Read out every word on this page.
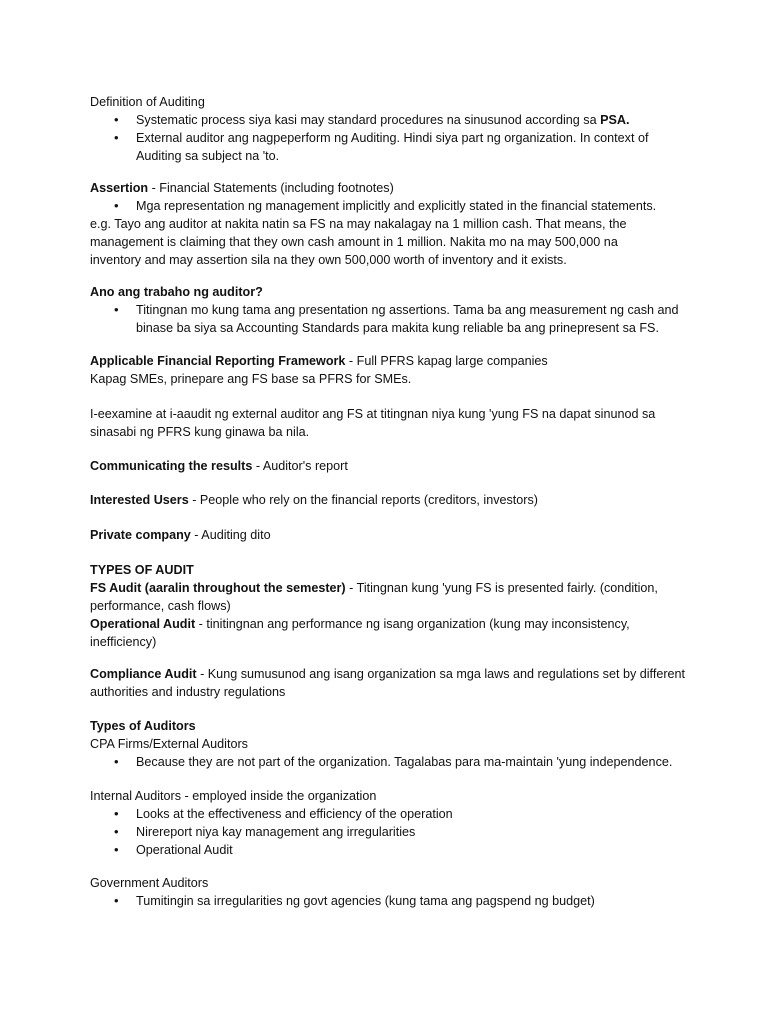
Definition of Auditing
• Systematic process siya kasi may standard procedures na sinusunod according sa PSA.
• External auditor ang nagpeperform ng Auditing. Hindi siya part ng organization. In context of
Auditing sa subject na 'to.
Assertion - Financial Statements (including footnotes)
• Mga representation ng management implicitly and explicitly stated in the financial statements.
e.g. Tayo ang auditor at nakita natin sa FS na may nakalagay na 1 million cash. That means, the
management is claiming that they own cash amount in 1 million. Nakita mo na may 500,000 na
inventory and may assertion sila na they own 500,000 worth of inventory and it exists.
Ano ang trabaho ng auditor?
• Titingnan mo kung tama ang presentation ng assertions. Tama ba ang measurement ng cash and
binase ba siya sa Accounting Standards para makita kung reliable ba ang prinepresent sa FS.
Applicable Financial Reporting Framework - Full PFRS kapag large companies
Kapag SMEs, prinepare ang FS base sa PFRS for SMEs.
I-eexamine at i-aaudit ng external auditor ang FS at titingnan niya kung 'yung FS na dapat sinunod sa
sinasabi ng PFRS kung ginawa ba nila.
Communicating the results - Auditor's report
Interested Users - People who rely on the financial reports (creditors, investors)
Private company - Auditing dito
TYPES OF AUDIT
FS Audit (aaralin throughout the semester) - Titingnan kung 'yung FS is presented fairly. (condition,
performance, cash flows)
Operational Audit - tinitingnan ang performance ng isang organization (kung may inconsistency,
inefficiency)
Compliance Audit - Kung sumusunod ang isang organization sa mga laws and regulations set by different
authorities and industry regulations
Types of Auditors
CPA Firms/External Auditors
• Because they are not part of the organization. Tagalabas para ma-maintain 'yung independence.
Internal Auditors - employed inside the organization
• Looks at the effectiveness and efficiency of the operation
• Nirereport niya kay management ang irregularities
• Operational Audit
Government Auditors
• Tumitingin sa irregularities ng govt agencies (kung tama ang pagspend ng budget)
